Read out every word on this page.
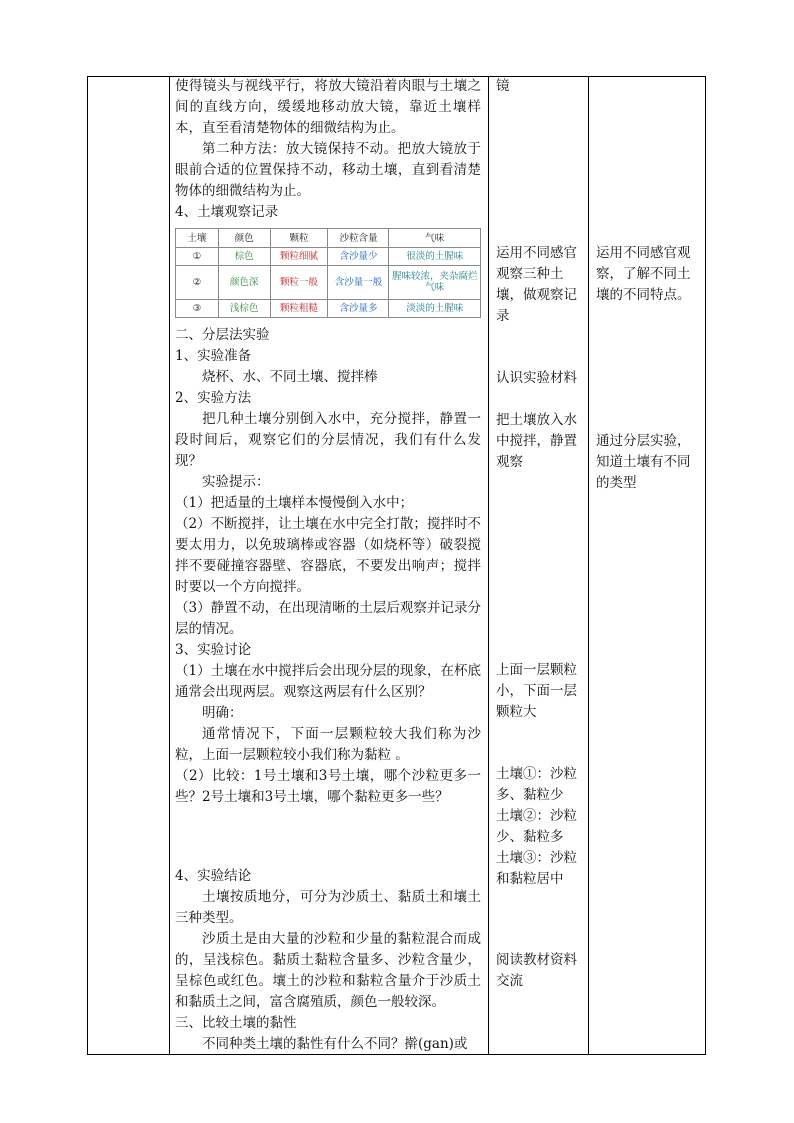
使得镜头与视线平行，将放大镜沿着肉眼与土壤之间的直线方向，缓缓地移动放大镜，靠近土壤样本，直至看清楚物体的细微结构为止。

第二种方法：放大镜保持不动。把放大镜放于眼前合适的位置保持不动，移动土壤，直到看清楚物体的细微结构为止。

4、土壤观察记录

土壤	颜色	颗粒	沙粒含量	气味
①	棕色	颗粒细腻	含沙量少	很淡的土腥味
②	颜色深	颗粒一般	含沙量一般	腥味较浓，夹杂腐烂气味
③	浅棕色	颗粒粗糙	含沙量多	淡淡的土腥味

二、分层法实验

1、实验准备

烧杯、水、不同土壤、搅拌棒

2、实验方法

把几种土壤分别倒入水中，充分搅拌，静置一段时间后，观察它们的分层情况，我们有什么发现？

实验提示：

（1）把适量的土壤样本慢慢倒入水中；

（2）不断搅拌，让土壤在水中完全打散；搅拌时不要太用力，以免玻璃棒或容器（如烧杯等）破裂搅拌不要碰撞容器壁、容器底，不要发出响声；搅拌时要以一个方向搅拌。

（3）静置不动，在出现清晰的土层后观察并记录分层的情况。

3、实验讨论

（1）土壤在水中搅拌后会出现分层的现象，在杯底通常会出现两层。观察这两层有什么区别？

明确：

通常情况下，下面一层颗粒较大我们称为沙粒，上面一层颗粒较小我们称为黏粒 。

（2）比较：1号土壤和3号土壤，哪个沙粒更多一些？2号土壤和3号土壤，哪个黏粒更多一些？

4、实验结论

土壤按质地分，可分为沙质土、黏质土和壤土三种类型。

沙质土是由大量的沙粒和少量的黏粒混合而成的，呈浅棕色。黏质土黏粒含量多、沙粒含量少，呈棕色或红色。壤土的沙粒和黏粒含量介于沙质土和黏质土之间，富含腐殖质，颜色一般较深。

三、比较土壤的黏性

不同种类土壤的黏性有什么不同？擀(gan)或

镜

运用不同感官观察三种土壤，做观察记录

认识实验材料

把土壤放入水中搅拌，静置观察

上面一层颗粒小，下面一层颗粒大

土壤①：沙粒多、黏粒少

土壤②：沙粒少、黏粒多

土壤③：沙粒和黏粒居中

阅读教材资料交流

运用不同感官观察，了解不同土壤的不同特点。

通过分层实验，知道土壤有不同的类型
